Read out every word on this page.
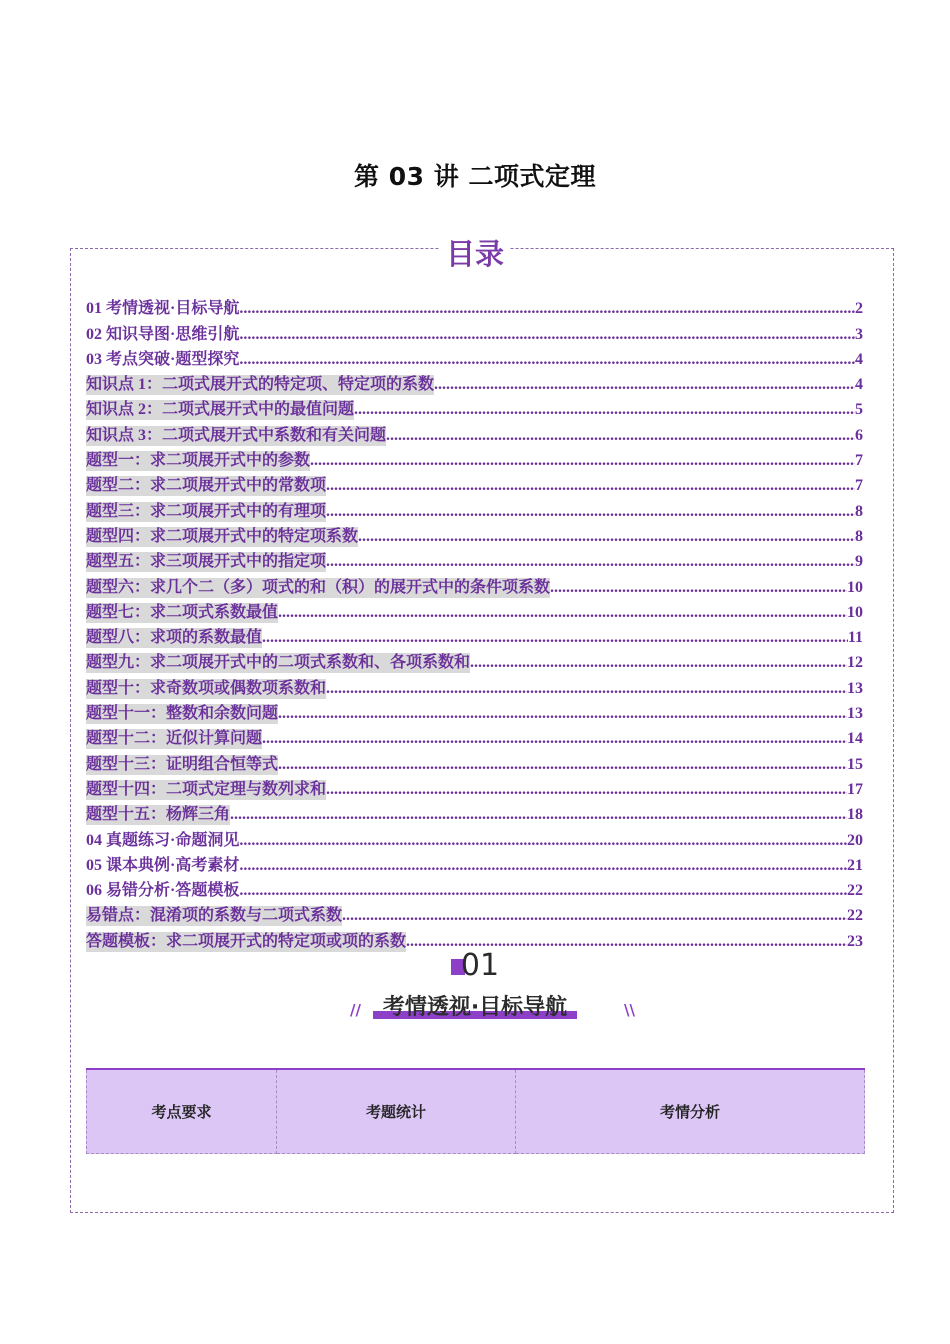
第 03 讲 二项式定理
目录
01 考情透视·目标导航 .....	2
02 知识导图·思维引航 .....	3
03 考点突破·题型探究 .....	4
知识点 1：二项式展开式的特定项、特定项的系数 .....	4
知识点 2：二项式展开式中的最值问题 .....	5
知识点 3：二项式展开式中系数和有关问题 .....	6
题型一：求二项展开式中的参数 .....	7
题型二：求二项展开式中的常数项 .....	7
题型三：求二项展开式中的有理项 .....	8
题型四：求二项展开式中的特定项系数 .....	8
题型五：求三项展开式中的指定项 .....	9
题型六：求几个二（多）项式的和（积）的展开式中的条件项系数 .....	10
题型七：求二项式系数最值 .....	10
题型八：求项的系数最值 .....	11
题型九：求二项展开式中的二项式系数和、各项系数和 .....	12
题型十：求奇数项或偶数项系数和 .....	13
题型十一：整数和余数问题 .....	13
题型十二：近似计算问题 .....	14
题型十三：证明组合恒等式 .....	15
题型十四：二项式定理与数列求和 .....	17
题型十五：杨辉三角 .....	18
04 真题练习·命题洞见 .....	20
05 课本典例·高考素材 .....	21
06 易错分析·答题模板 .....	22
易错点：混淆项的系数与二项式系数 .....	22
答题模板：求二项展开式的特定项或项的系数 .....	23
01
// 考情透视·目标导航	\\
考点要求	考题统计	考情分析
